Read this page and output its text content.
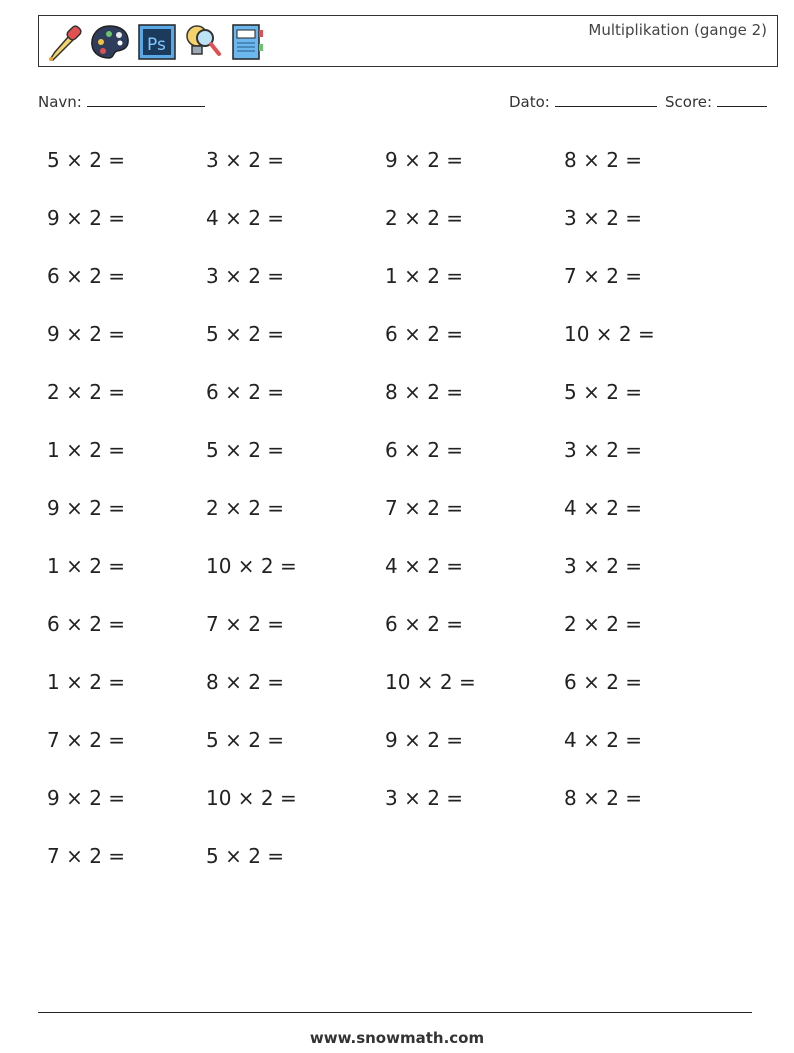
Ps
Multiplikation (gange 2)
Navn:	Dato:	Score:
5 × 2 =	3 × 2 =	9 × 2 =	8 × 2 =
9 × 2 =	4 × 2 =	2 × 2 =	3 × 2 =
6 × 2 =	3 × 2 =	1 × 2 =	7 × 2 =
9 × 2 =	5 × 2 =	6 × 2 =	10 × 2 =
2 × 2 =	6 × 2 =	8 × 2 =	5 × 2 =
1 × 2 =	5 × 2 =	6 × 2 =	3 × 2 =
9 × 2 =	2 × 2 =	7 × 2 =	4 × 2 =
1 × 2 =	10 × 2 =	4 × 2 =	3 × 2 =
6 × 2 =	7 × 2 =	6 × 2 =	2 × 2 =
1 × 2 =	8 × 2 =	10 × 2 =	6 × 2 =
7 × 2 =	5 × 2 =	9 × 2 =	4 × 2 =
9 × 2 =	10 × 2 =	3 × 2 =	8 × 2 =
7 × 2 =	5 × 2 =
www.snowmath.com
